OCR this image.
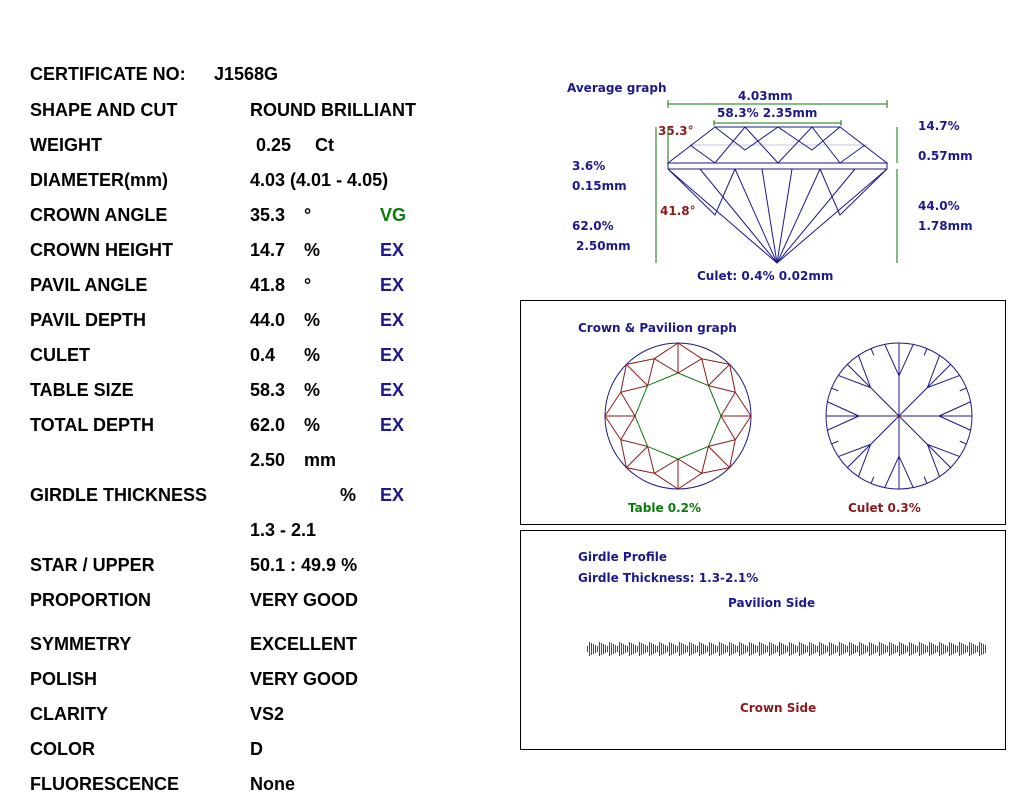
CERTIFICATE NO: J1568G
SHAPE AND CUT	ROUND BRILLIANT
WEIGHT	0.25 Ct
DIAMETER(mm)	4.03 (4.01 - 4.05)
CROWN ANGLE	35.3 °	VG
CROWN HEIGHT	14.7 %	EX
PAVIL ANGLE	41.8 °	EX
PAVIL DEPTH	44.0 %	EX
CULET	0.4 %	EX
TABLE SIZE	58.3 %	EX
TOTAL DEPTH	62.0 %	EX
2.50 mm
GIRDLE THICKNESS	% EX
1.3 - 2.1
STAR / UPPER	50.1 : 49.9 %
PROPORTION	VERY GOOD
SYMMETRY	EXCELLENT
POLISH	VERY GOOD
CLARITY	VS2
COLOR	D
FLUORESCENCE	None
Average graph
4.03mm
58.3% 2.35mm
35.3°	14.7%
0.57mm
3.6%
0.15mm
41.8°	44.0%
1.78mm
62.0%
2.50mm
Culet: 0.4% 0.02mm
Crown & Pavilion graph
Table 0.2%	Culet 0.3%
Girdle Profile
Girdle Thickness: 1.3-2.1%
Pavilion Side
Crown Side
